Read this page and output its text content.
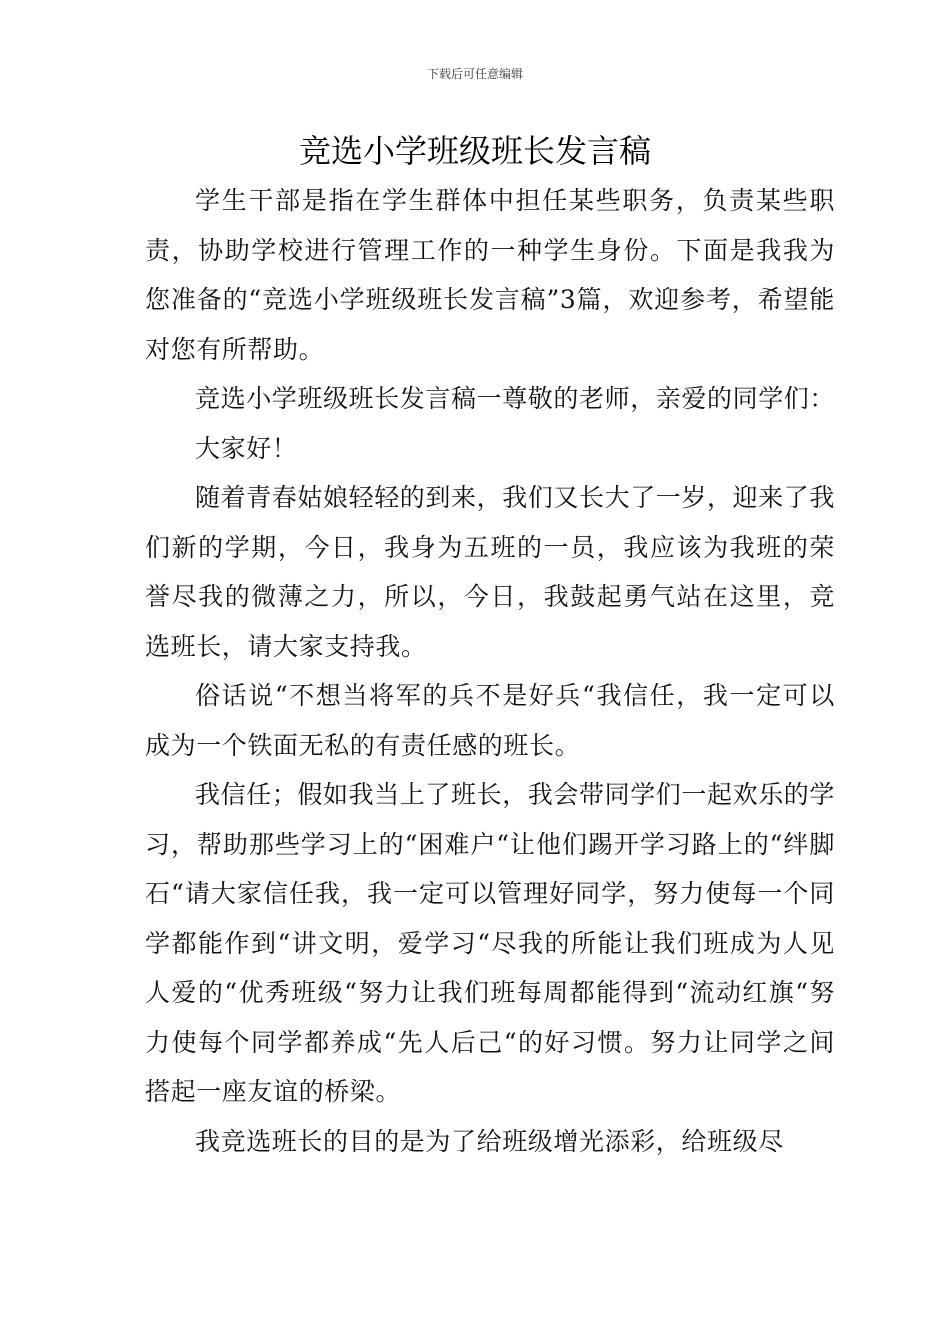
下载后可任意编辑
竞选小学班级班长发言稿

学生干部是指在学生群体中担任某些职务，负责某些职责，协助学校进行管理工作的一种学生身份。下面是我我为您准备的“竞选小学班级班长发言稿”3篇，欢迎参考，希望能对您有所帮助。

竞选小学班级班长发言稿一尊敬的老师，亲爱的同学们：

大家好！

随着青春姑娘轻轻的到来，我们又长大了一岁，迎来了我们新的学期，今日，我身为五班的一员，我应该为我班的荣誉尽我的微薄之力，所以，今日，我鼓起勇气站在这里，竞选班长，请大家支持我。

俗话说“不想当将军的兵不是好兵“我信任，我一定可以成为一个铁面无私的有责任感的班长。

我信任；假如我当上了班长，我会带同学们一起欢乐的学习，帮助那些学习上的“困难户“让他们踢开学习路上的“绊脚石“请大家信任我，我一定可以管理好同学，努力使每一个同学都能作到“讲文明，爱学习“尽我的所能让我们班成为人见人爱的“优秀班级“努力让我们班每周都能得到“流动红旗“努力使每个同学都养成“先人后己“的好习惯。努力让同学之间搭起一座友谊的桥梁。

我竞选班长的目的是为了给班级增光添彩，给班级尽
